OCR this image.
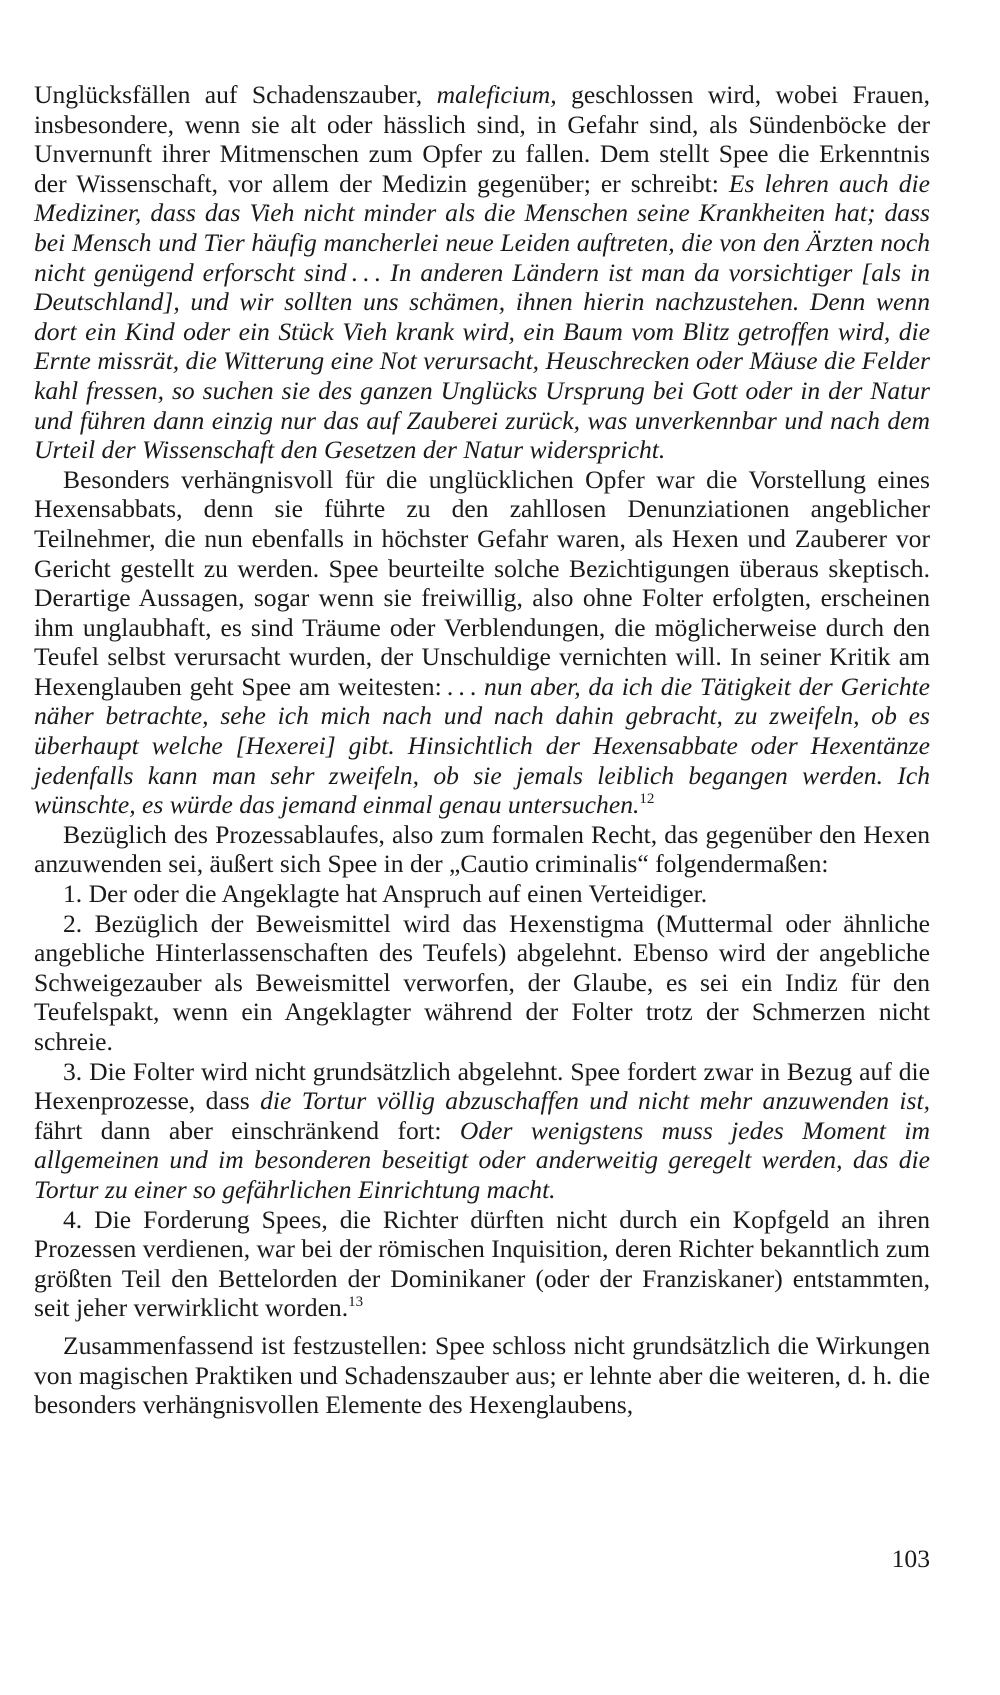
Unglücksfällen auf Schadenszauber, maleficium, geschlossen wird, wobei Frauen, insbesondere, wenn sie alt oder hässlich sind, in Gefahr sind, als Sündenböcke der Unvernunft ihrer Mitmenschen zum Opfer zu fallen. Dem stellt Spee die Erkenntnis der Wissenschaft, vor allem der Medizin gegenüber; er schreibt: Es lehren auch die Mediziner, dass das Vieh nicht minder als die Menschen seine Krankheiten hat; dass bei Mensch und Tier häufig mancherlei neue Leiden auftreten, die von den Ärzten noch nicht genügend erforscht sind . . . In anderen Ländern ist man da vorsichtiger [als in Deutschland], und wir sollten uns schämen, ihnen hierin nachzustehen. Denn wenn dort ein Kind oder ein Stück Vieh krank wird, ein Baum vom Blitz getroffen wird, die Ernte missrät, die Witterung eine Not verursacht, Heuschrecken oder Mäuse die Felder kahl fressen, so suchen sie des ganzen Unglücks Ursprung bei Gott oder in der Natur und führen dann einzig nur das auf Zauberei zurück, was unverkennbar und nach dem Urteil der Wissenschaft den Gesetzen der Natur widerspricht.

Besonders verhängnisvoll für die unglücklichen Opfer war die Vorstellung eines Hexensabbats, denn sie führte zu den zahllosen Denunziationen angeblicher Teilnehmer, die nun ebenfalls in höchster Gefahr waren, als Hexen und Zauberer vor Gericht gestellt zu werden. Spee beurteilte solche Bezichtigungen überaus skeptisch. Derartige Aussagen, sogar wenn sie freiwillig, also ohne Folter erfolgten, erscheinen ihm unglaubhaft, es sind Träume oder Verblendungen, die möglicherweise durch den Teufel selbst verursacht wurden, der Unschuldige vernichten will. In seiner Kritik am Hexenglauben geht Spee am weitesten: . . . nun aber, da ich die Tätigkeit der Gerichte näher betrachte, sehe ich mich nach und nach dahin gebracht, zu zweifeln, ob es überhaupt welche [Hexerei] gibt. Hinsichtlich der Hexensabbate oder Hexentänze jedenfalls kann man sehr zweifeln, ob sie jemals leiblich begangen werden. Ich wünschte, es würde das jemand einmal genau untersuchen.$^{12}$

Bezüglich des Prozessablaufes, also zum formalen Recht, das gegenüber den Hexen anzuwenden sei, äußert sich Spee in der „Cautio criminalis“ folgendermaßen:

1. Der oder die Angeklagte hat Anspruch auf einen Verteidiger.

2. Bezüglich der Beweismittel wird das Hexenstigma (Muttermal oder ähnliche angebliche Hinterlassenschaften des Teufels) abgelehnt. Ebenso wird der angebliche Schweigezauber als Beweismittel verworfen, der Glaube, es sei ein Indiz für den Teufelspakt, wenn ein Angeklagter während der Folter trotz der Schmerzen nicht schreie.

3. Die Folter wird nicht grundsätzlich abgelehnt. Spee fordert zwar in Bezug auf die Hexenprozesse, dass die Tortur völlig abzuschaffen und nicht mehr anzuwenden ist, fährt dann aber einschränkend fort: Oder wenigstens muss jedes Moment im allgemeinen und im besonderen beseitigt oder anderweitig geregelt werden, das die Tortur zu einer so gefährlichen Einrichtung macht.

4. Die Forderung Spees, die Richter dürften nicht durch ein Kopfgeld an ihren Prozessen verdienen, war bei der römischen Inquisition, deren Richter bekanntlich zum größten Teil den Bettelorden der Dominikaner (oder der Franziskaner) entstammten, seit jeher verwirklicht worden.$^{13}$

Zusammenfassend ist festzustellen: Spee schloss nicht grundsätzlich die Wirkungen von magischen Praktiken und Schadenszauber aus; er lehnte aber die weiteren, d. h. die besonders verhängnisvollen Elemente des Hexenglaubens,

103
